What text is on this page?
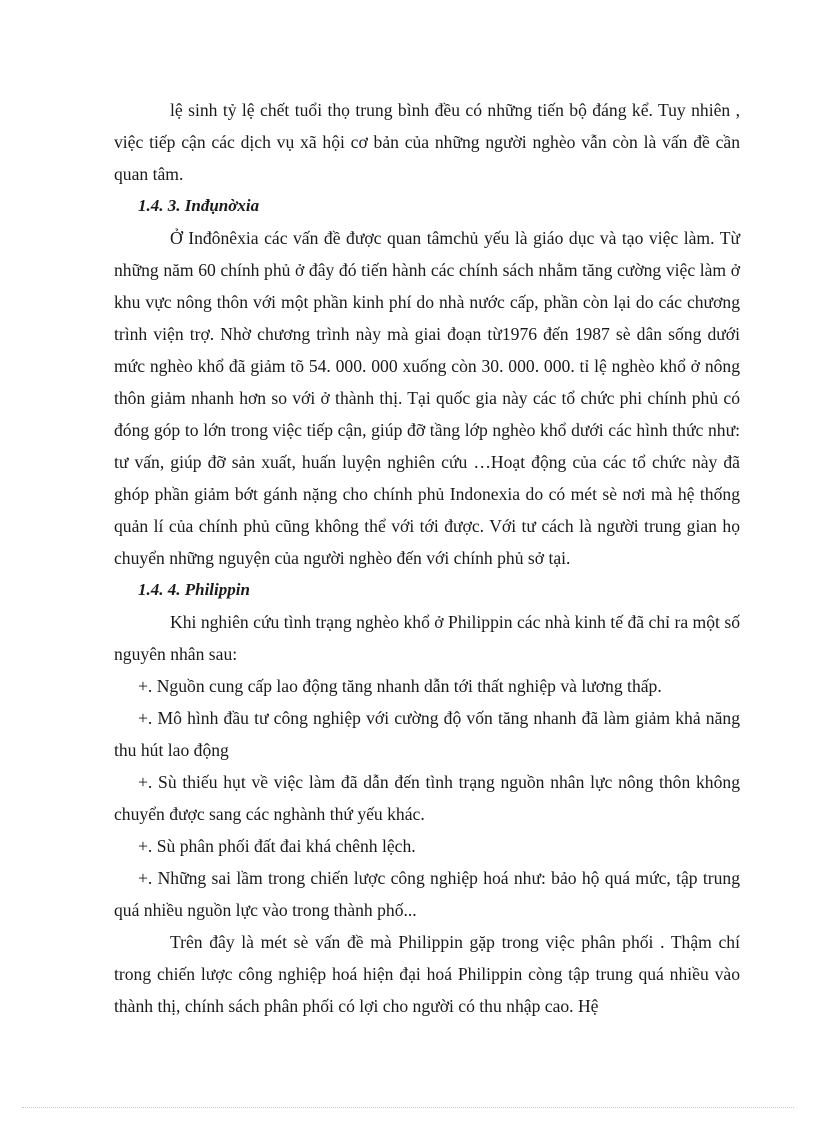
lệ sinh tỷ lệ chết tuổi thọ trung bình đều có những tiến bộ đáng kể. Tuy nhiên , việc tiếp cận các dịch vụ xã hội cơ bản của những người nghèo vẫn còn là vấn đề cần quan tâm.

1.4. 3. Inđụnờxia

Ở Inđônêxia các vấn đề được quan tâmchủ yếu là giáo dục và tạo việc làm. Từ những năm 60 chính phủ ở đây đó tiến hành các chính sách nhằm tăng cường việc làm ở khu vực nông thôn với một phần kinh phí do nhà nước cấp, phần còn lại do các chương trình viện trợ. Nhờ chương trình này mà giai đoạn từ1976 đến 1987 sè dân sống dưới mức nghèo khổ đã giảm tõ 54. 000. 000 xuống còn 30. 000. 000. tỉ lệ nghèo khổ ở nông thôn giảm nhanh hơn so với ở thành thị. Tại quốc gia này các tổ chức phi chính phủ có đóng góp to lớn trong việc tiếp cận, giúp đỡ tầng lớp nghèo khổ dưới các hình thức như: tư vấn, giúp đỡ sản xuất, huấn luyện nghiên cứu …Hoạt động của các tổ chức này đã ghóp phần giảm bớt gánh nặng cho chính phủ Indonexia do có mét sè nơi mà hệ thống quản lí của chính phủ cũng không thể với tới được. Với tư cách là người trung gian họ chuyển những nguyện của người nghèo đến với chính phủ sở tại.

1.4. 4. Philippin

Khi nghiên cứu tình trạng nghèo khổ ở Philippin các nhà kinh tế đã chỉ ra một số nguyên nhân sau:

+. Nguồn cung cấp lao động tăng nhanh dẫn tới thất nghiệp và lương thấp.

+. Mô hình đầu tư công nghiệp với cường độ vốn tăng nhanh đã làm giảm khả năng thu hút lao động

+. Sù thiếu hụt về việc làm đã dẫn đến tình trạng nguồn nhân lực nông thôn không chuyển được sang các nghành thứ yếu khác.

+. Sù phân phối đất đai khá chênh lệch.

+. Những sai lầm trong chiến lược công nghiệp hoá như: bảo hộ quá mức, tập trung quá nhiều nguồn lực vào trong thành phố...

Trên đây là mét sè vấn đề mà Philippin gặp trong việc phân phối . Thậm chí trong chiến lược công nghiệp hoá hiện đại hoá Philippin còng tập trung quá nhiều vào thành thị, chính sách phân phối có lợi cho người có thu nhập cao. Hệ
